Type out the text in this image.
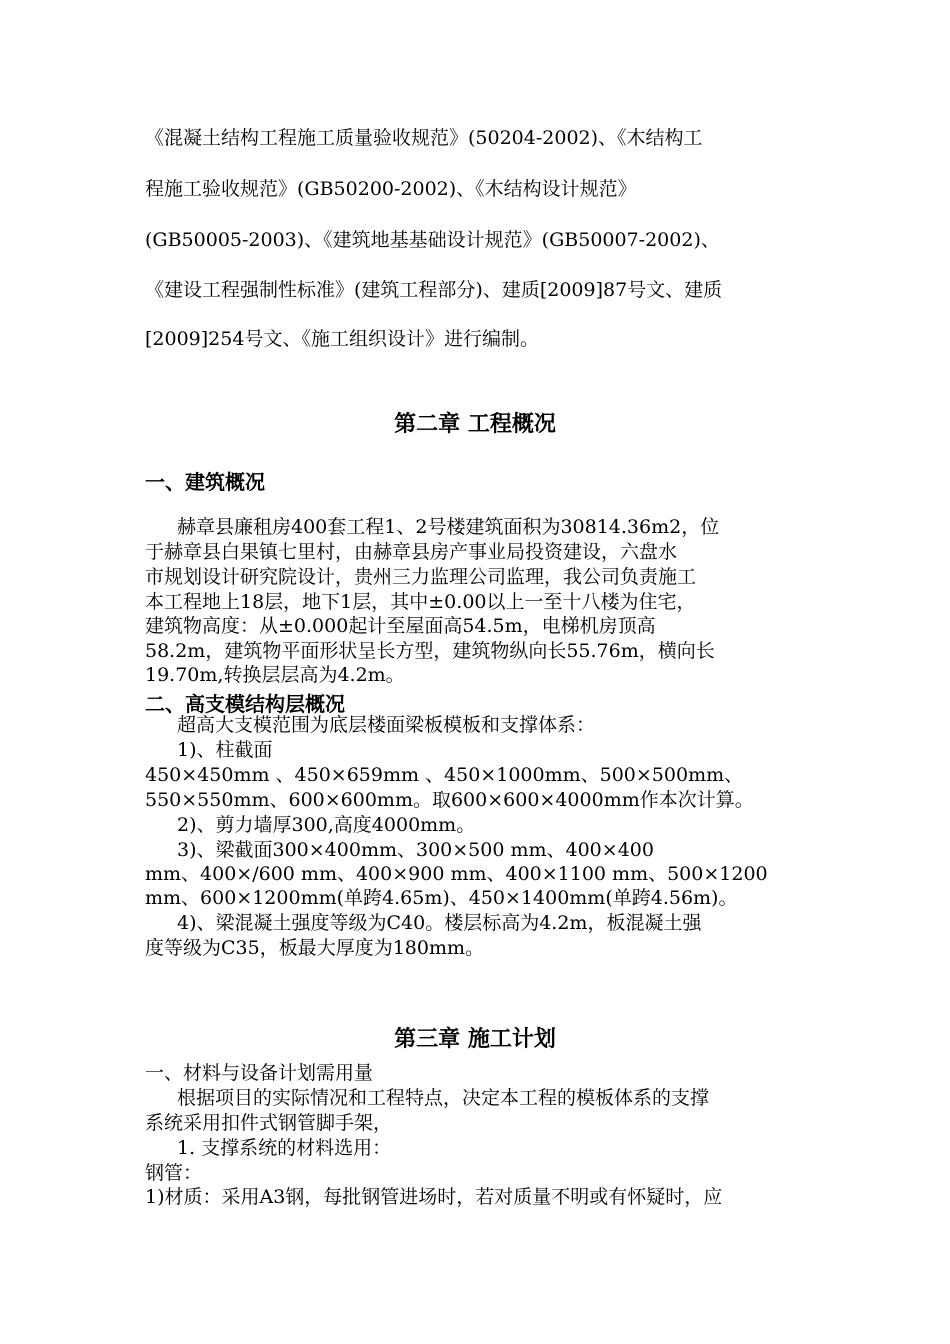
《混凝土结构工程施工质量验收规范》(50204-2002)、《木结构工
程施工验收规范》(GB50200-2002)、《木结构设计规范》
(GB50005-2003)、《建筑地基基础设计规范》(GB50007-2002)、
《建设工程强制性标准》(建筑工程部分)、建质[2009]87号文、建质
[2009]254号文、《施工组织设计》进行编制。
第二章 工程概况
一、建筑概况
赫章县廉租房400套工程1、2号楼建筑面积为30814.36m2，位
于赫章县白果镇七里村，由赫章县房产事业局投资建设，六盘水
市规划设计研究院设计，贵州三力监理公司监理，我公司负责施工
本工程地上18层，地下1层，其中±0.00以上一至十八楼为住宅，
建筑物高度：从±0.000起计至屋面高54.5m，电梯机房顶高
58.2m，建筑物平面形状呈长方型，建筑物纵向长55.76m，横向长
19.70m,转换层层高为4.2m。
二、高支模结构层概况
超高大支模范围为底层楼面梁板模板和支撑体系：
1)、柱截面
450×450mm 、450×659mm 、450×1000mm、500×500mm、
550×550mm、600×600mm。取600×600×4000mm作本次计算。
2)、剪力墙厚300,高度4000mm。
3)、梁截面300×400mm、300×500 mm、400×400
mm、400×/600 mm、400×900 mm、400×1100 mm、500×1200
mm、600×1200mm(单跨4.65m)、450×1400mm(单跨4.56m)。
4)、梁混凝土强度等级为C40。楼层标高为4.2m，板混凝土强
度等级为C35，板最大厚度为180mm。
第三章 施工计划
一、材料与设备计划需用量
根据项目的实际情况和工程特点，决定本工程的模板体系的支撑
系统采用扣件式钢管脚手架，
1. 支撑系统的材料选用：
钢管：
1)材质：采用A3钢，每批钢管进场时，若对质量不明或有怀疑时，应
